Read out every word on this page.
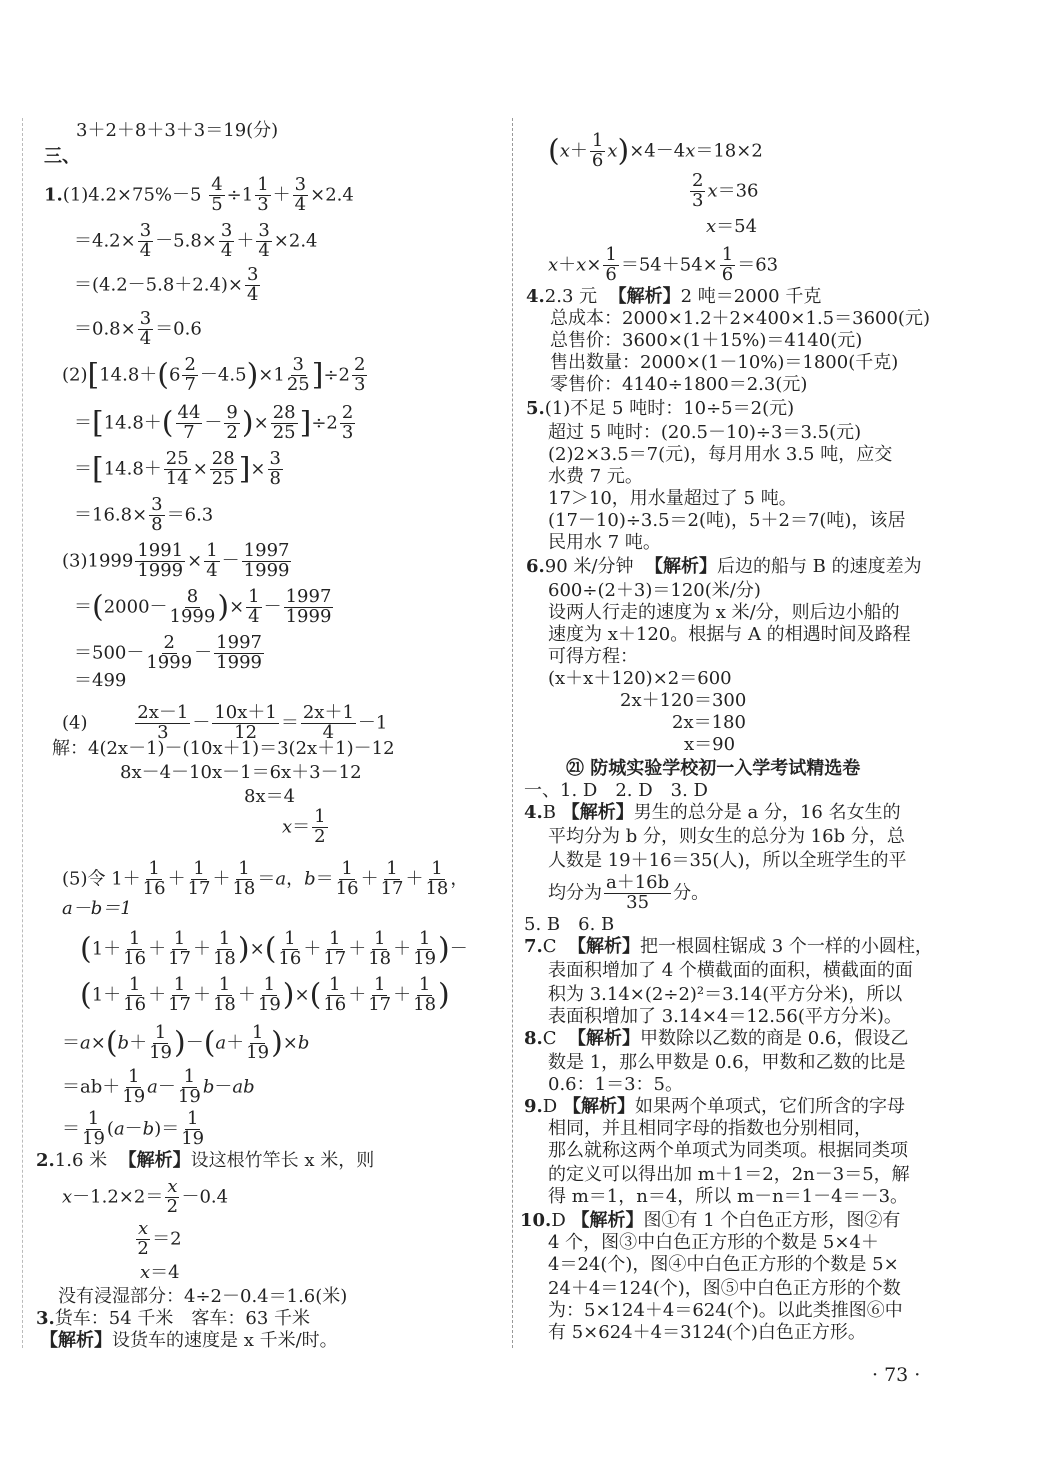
3＋2＋8＋3＋3＝19(分)
三、
$1.(1)4.2\times 75\%-5 \frac{4}{5} \div 1 \frac{1}{3} + \frac{3}{4} \times 2.4$
$=4.2\times \frac{3}{4} -5.8\times \frac{3}{4} + \frac{3}{4} \times 2.4$
$=(4.2-5.8+2.4)\times \frac{3}{4}$
$=0.8\times \frac{3}{4} =0.6$
$(2)[14.8+(6 \frac{2}{7} -4.5)\times 1 \frac{3}{25} ]\div 2 \frac{2}{3}$
$=[14.8+( \frac{44}{7} - \frac{9}{2}$ )× $\frac{28}{25} ]\div 2 \frac{2}{3}$
$=[14.8+ \frac{25}{14} \times \frac{28}{25}$ ]× $\frac{3}{8}$
$=16.8\times \frac{3}{8} =6.3$
$(3)1999 \frac{1991}{1999} \times \frac{1}{4} - \frac{1997}{1999}$
$=(2000- \frac{8}{1999}$ )× $\frac{1}{4} - \frac{1997}{1999}$
$=500- \frac{2}{1999} - \frac{1997}{1999}$
＝499
(4)	$\frac{2x-1}{3} - \frac{10x+1}{12} = \frac{2x+1}{4} -1$
解：4(2x－1)－(10x＋1)＝3(2x＋1)－12
8x－4－10x－1＝6x＋3－12
8x＝4
$x= \frac{1}{2}$
(5)令 $1+ \frac{1}{16} + \frac{1}{17} + \frac{1}{18} =a$，$b= \frac{1}{16} + \frac{1}{17} + \frac{1}{18}$ ，
a－b＝1
($1+ \frac{1}{16} + \frac{1}{17} + \frac{1}{18}$ )×( $\frac{1}{16} + \frac{1}{17} + \frac{1}{18} + \frac{1}{19}$ )－
($1+ \frac{1}{16} + \frac{1}{17} + \frac{1}{18} + \frac{1}{19}$ )×( $\frac{1}{16} + \frac{1}{17} + \frac{1}{18}$ )
$=a\times(b+ \frac{1}{19} )-(a+ \frac{1}{19} )\times b$
$=ab+ \frac{1}{19} a- \frac{1}{19} b-ab$
＝ $\frac{1}{19} (a-b)= \frac{1}{19}$
2.1.6 米 【解析】设这根竹竿长 x 米，则
$x-1.2\times 2= \frac{x}{2} -0.4$
$\frac{x}{2} =2$
x＝4
没有浸湿部分：4÷2－0.4＝1.6(米)
3.货车：54 千米　客车：63 千米
【解析】设货车的速度是 x 千米/时。
$(x+ \frac{1}{6} x)\times 4-4x=18\times 2$
$\frac{2}{3} x=36$
x＝54
$x+x\times \frac{1}{6} =54+54\times \frac{1}{6} =63$
4.2.3 元 【解析】2 吨＝2000 千克
总成本：2000×1.2＋2×400×1.5＝3600(元)
总售价：3600×(1＋15%)＝4140(元)
售出数量：2000×(1－10%)＝1800(千克)
零售价：4140÷1800＝2.3(元)
5.(1)不足 5 吨时：10÷5＝2(元)
超过 5 吨时：(20.5－10)÷3＝3.5(元)
(2)2×3.5＝7(元)，每月用水 3.5 吨，应交
水费 7 元。
17＞10，用水量超过了 5 吨。
(17－10)÷3.5＝2(吨)，5＋2＝7(吨)，该居
民用水 7 吨。
6.90 米/分钟 【解析】后边的船与 B 的速度差为
600÷(2＋3)＝120(米/分)
设两人行走的速度为 x 米/分，则后边小船的
速度为 x＋120。根据与 A 的相遇时间及路程
可得方程：
(x＋x＋120)×2＝600
2x＋120＝300
2x＝180
x＝90
㉑ 防城实验学校初一入学考试精选卷
一、1. D　2. D　3. D
4.B 【解析】男生的总分是 a 分，16 名女生的
平均分为 b 分，则女生的总分为 16b 分，总
人数是 19＋16＝35(人)，所以全班学生的平
均分为 $\frac{a+16b}{35}$ 分。
5. B　6. B
7.C 【解析】把一根圆柱锯成 3 个一样的小圆柱，
表面积增加了 4 个横截面的面积，横截面的面
积为 3.14×(2÷2)²＝3.14(平方分米)，所以
表面积增加了 3.14×4＝12.56(平方分米)。
8.C 【解析】甲数除以乙数的商是 0.6，假设乙
数是 1，那么甲数是 0.6，甲数和乙数的比是
0.6：1＝3：5。
9.D 【解析】如果两个单项式，它们所含的字母
相同，并且相同字母的指数也分别相同，
那么就称这两个单项式为同类项。根据同类项
的定义可以得出加 m＋1＝2，2n－3＝5，解
得 m＝1，n＝4，所以 m－n＝1－4＝－3。
10.D 【解析】图①有 1 个白色正方形，图②有
4 个，图③中白色正方形的个数是 5×4＋
4＝24(个)，图④中白色正方形的个数是 5×
24＋4＝124(个)，图⑤中白色正方形的个数
为：5×124＋4＝624(个)。以此类推图⑥中
有 5×624＋4＝3124(个)白色正方形。
· 73 ·
